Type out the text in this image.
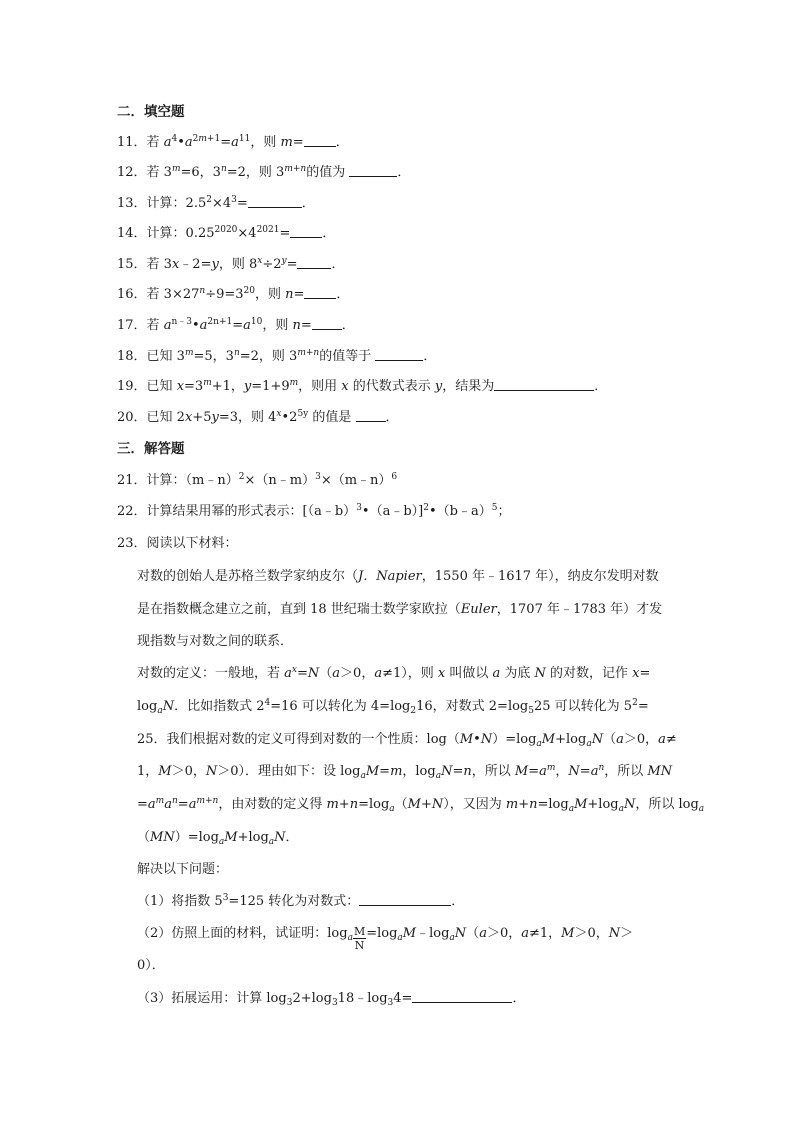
二．填空题
11．若 $a^4•a^{2m+1}=a^{11}$，则 m= ．
12．若 $3^m=6$，$3^n=2$，则 $3^{m+n}$的值为	．
13．计算：$2.5^2\times 4^3=$	．
14．计算：$0.25^{2020}\times 4^{2021}=$ ．
15．若 3x﹣2=y，则 $8^x\div 2^y=$	．
16．若 $3\times 27^n\div 9=3^{20}$，则 n= ．
17．若 $a^{n﹣3}•a^{2n+1}=a^{10}$，则 n= ．
18．已知 $3^m=5$，$3^n=2$，则 $3^{m+n}$的值等于	．
19．已知 $x=3^m+1$，$y=1+9^m$，则用 x 的代数式表示 y，结果为	．
20．已知 2x+5y=3，则 $4^x•2^{5y}$ 的值是 ．
三．解答题
21．计算：（m﹣n）$^2$×（n﹣m）$^3$×（m﹣n）$^6$
22．计算结果用幂的形式表示：[（a﹣b）$^3$•（a﹣b）]$^2$•（b﹣a）$^5$；
23．阅读以下材料：
对数的创始人是苏格兰数学家纳皮尔（J．Napier，1550 年﹣1617 年），纳皮尔发明对数
是在指数概念建立之前，直到 18 世纪瑞士数学家欧拉（Euler，1707 年﹣1783 年）才发
现指数与对数之间的联系．
对数的定义：一般地，若 $a^x=N(a>0$，a≠1），则 x 叫做以 a 为底 N 的对数，记作 x=
$\log_aN$．比如指数式 $2^4=16$ 可以转化为 $4=\log_216$，对数式 $2=\log_525$ 可以转化为 $5^2=$
25．我们根据对数的定义可得到对数的一个性质：$\log(M•N)=\log_aM+\log_aN(a>0$，a≠
1，M＞0，N＞0）．理由如下：设 $\log_aM=m$，$\log_aN=n$，所以 $M=a^m$，$N=a^n$，所以 MN
$=a^ma^n=a^{m+n}$，由对数的定义得 $m+n=\log_a(M+N)$，又因为 $m+n=\log_aM+\log_aN$，所以 $\log_a$
$(MN)=\log_aM+\log_aN$．
解决以下问题：
（1）将指数 $5^3=125$ 转化为对数式：	．
（2）仿照上面的材料，试证明：$\log_a \frac{M}{N}$ $=\log_aM﹣\log_aN(a>0$，a≠1，M＞0，N＞
0）．
（3）拓展运用：计算 $\log_32+\log_318﹣\log_34=$	．
